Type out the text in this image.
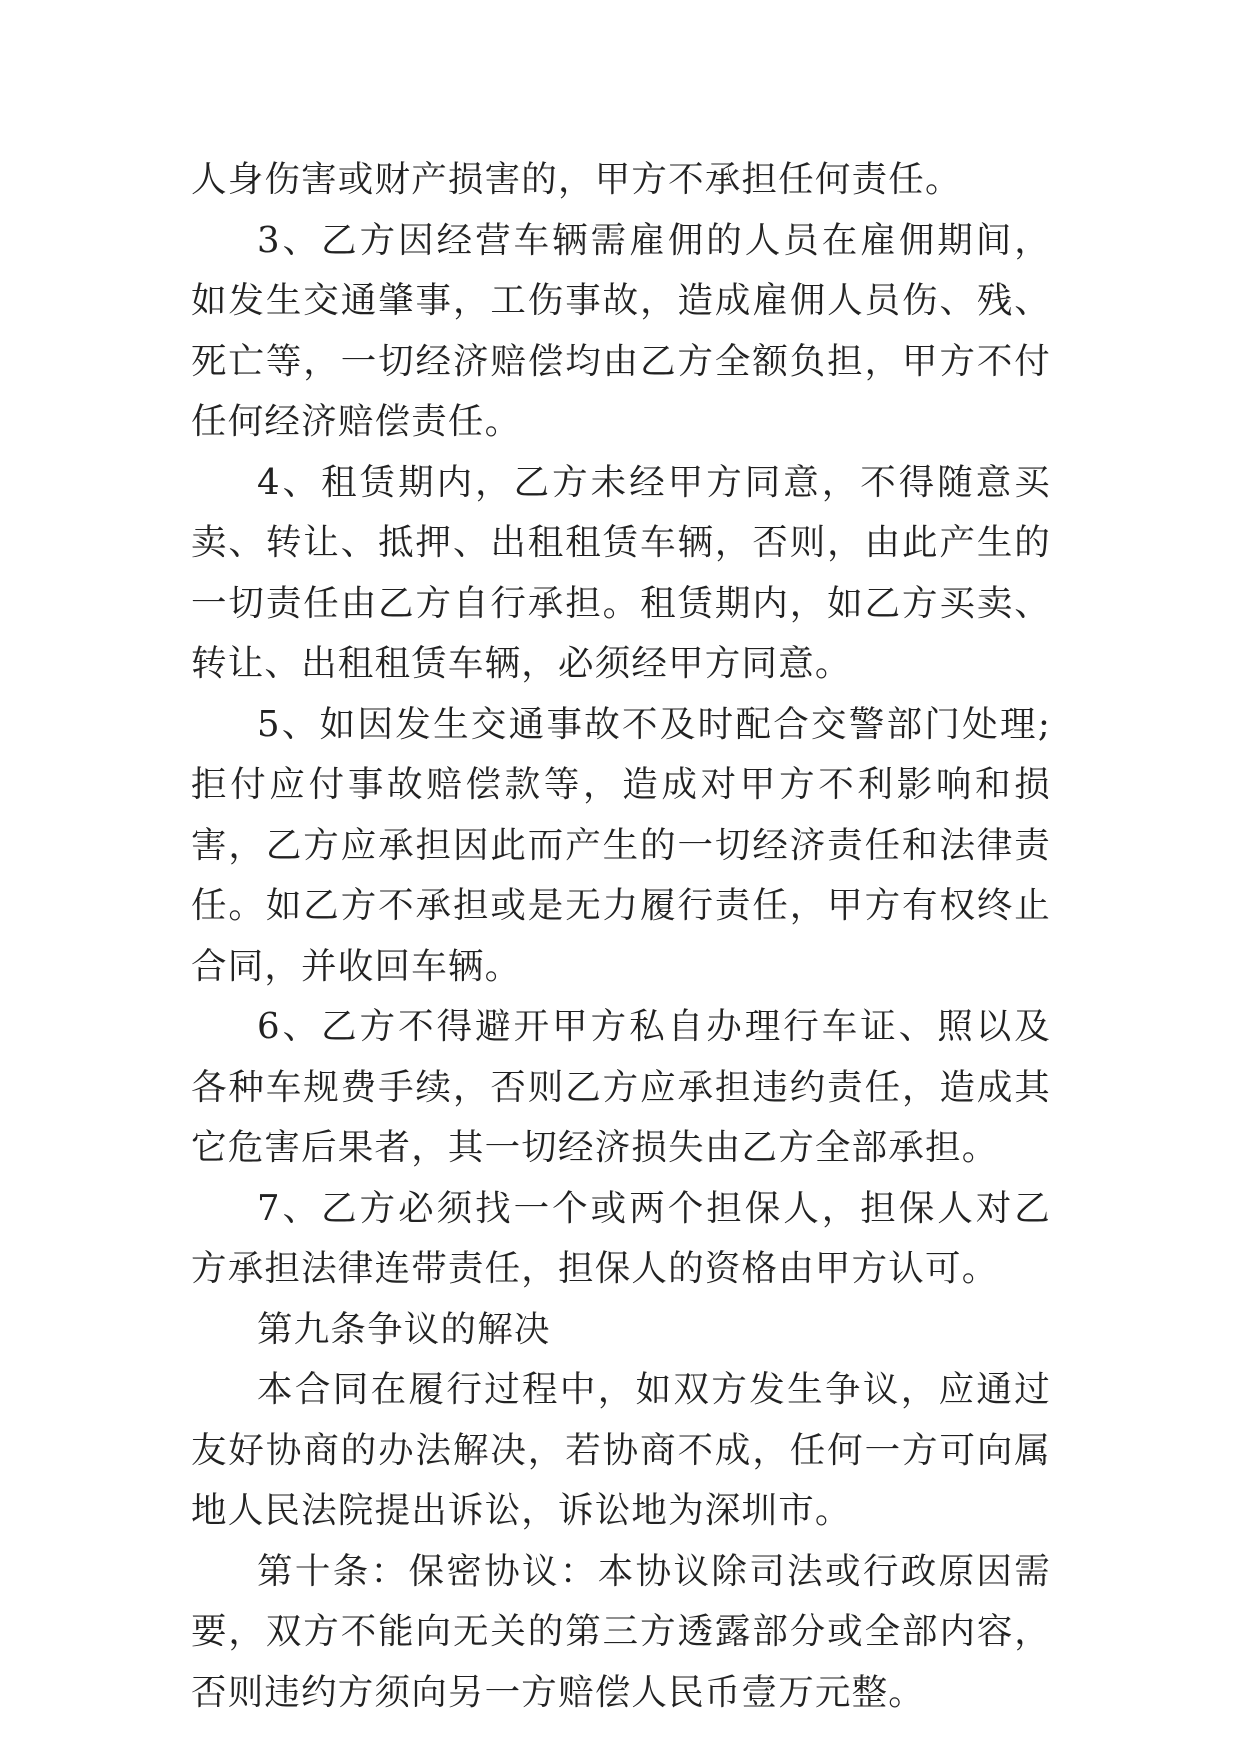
人身伤害或财产损害的，甲方不承担任何责任。

3、乙方因经营车辆需雇佣的人员在雇佣期间，如发生交通肇事，工伤事故，造成雇佣人员伤、残、死亡等，一切经济赔偿均由乙方全额负担，甲方不付任何经济赔偿责任。

4、租赁期内，乙方未经甲方同意，不得随意买卖、转让、抵押、出租租赁车辆，否则，由此产生的一切责任由乙方自行承担。租赁期内，如乙方买卖、转让、出租租赁车辆，必须经甲方同意。

5、如因发生交通事故不及时配合交警部门处理;拒付应付事故赔偿款等，造成对甲方不利影响和损害，乙方应承担因此而产生的一切经济责任和法律责任。如乙方不承担或是无力履行责任，甲方有权终止合同，并收回车辆。

6、乙方不得避开甲方私自办理行车证、照以及各种车规费手续，否则乙方应承担违约责任，造成其它危害后果者，其一切经济损失由乙方全部承担。

7、乙方必须找一个或两个担保人，担保人对乙方承担法律连带责任，担保人的资格由甲方认可。

第九条争议的解决

本合同在履行过程中，如双方发生争议，应通过友好协商的办法解决，若协商不成，任何一方可向属地人民法院提出诉讼，诉讼地为深圳市。

第十条：保密协议：本协议除司法或行政原因需要，双方不能向无关的第三方透露部分或全部内容，否则违约方须向另一方赔偿人民币壹万元整。
